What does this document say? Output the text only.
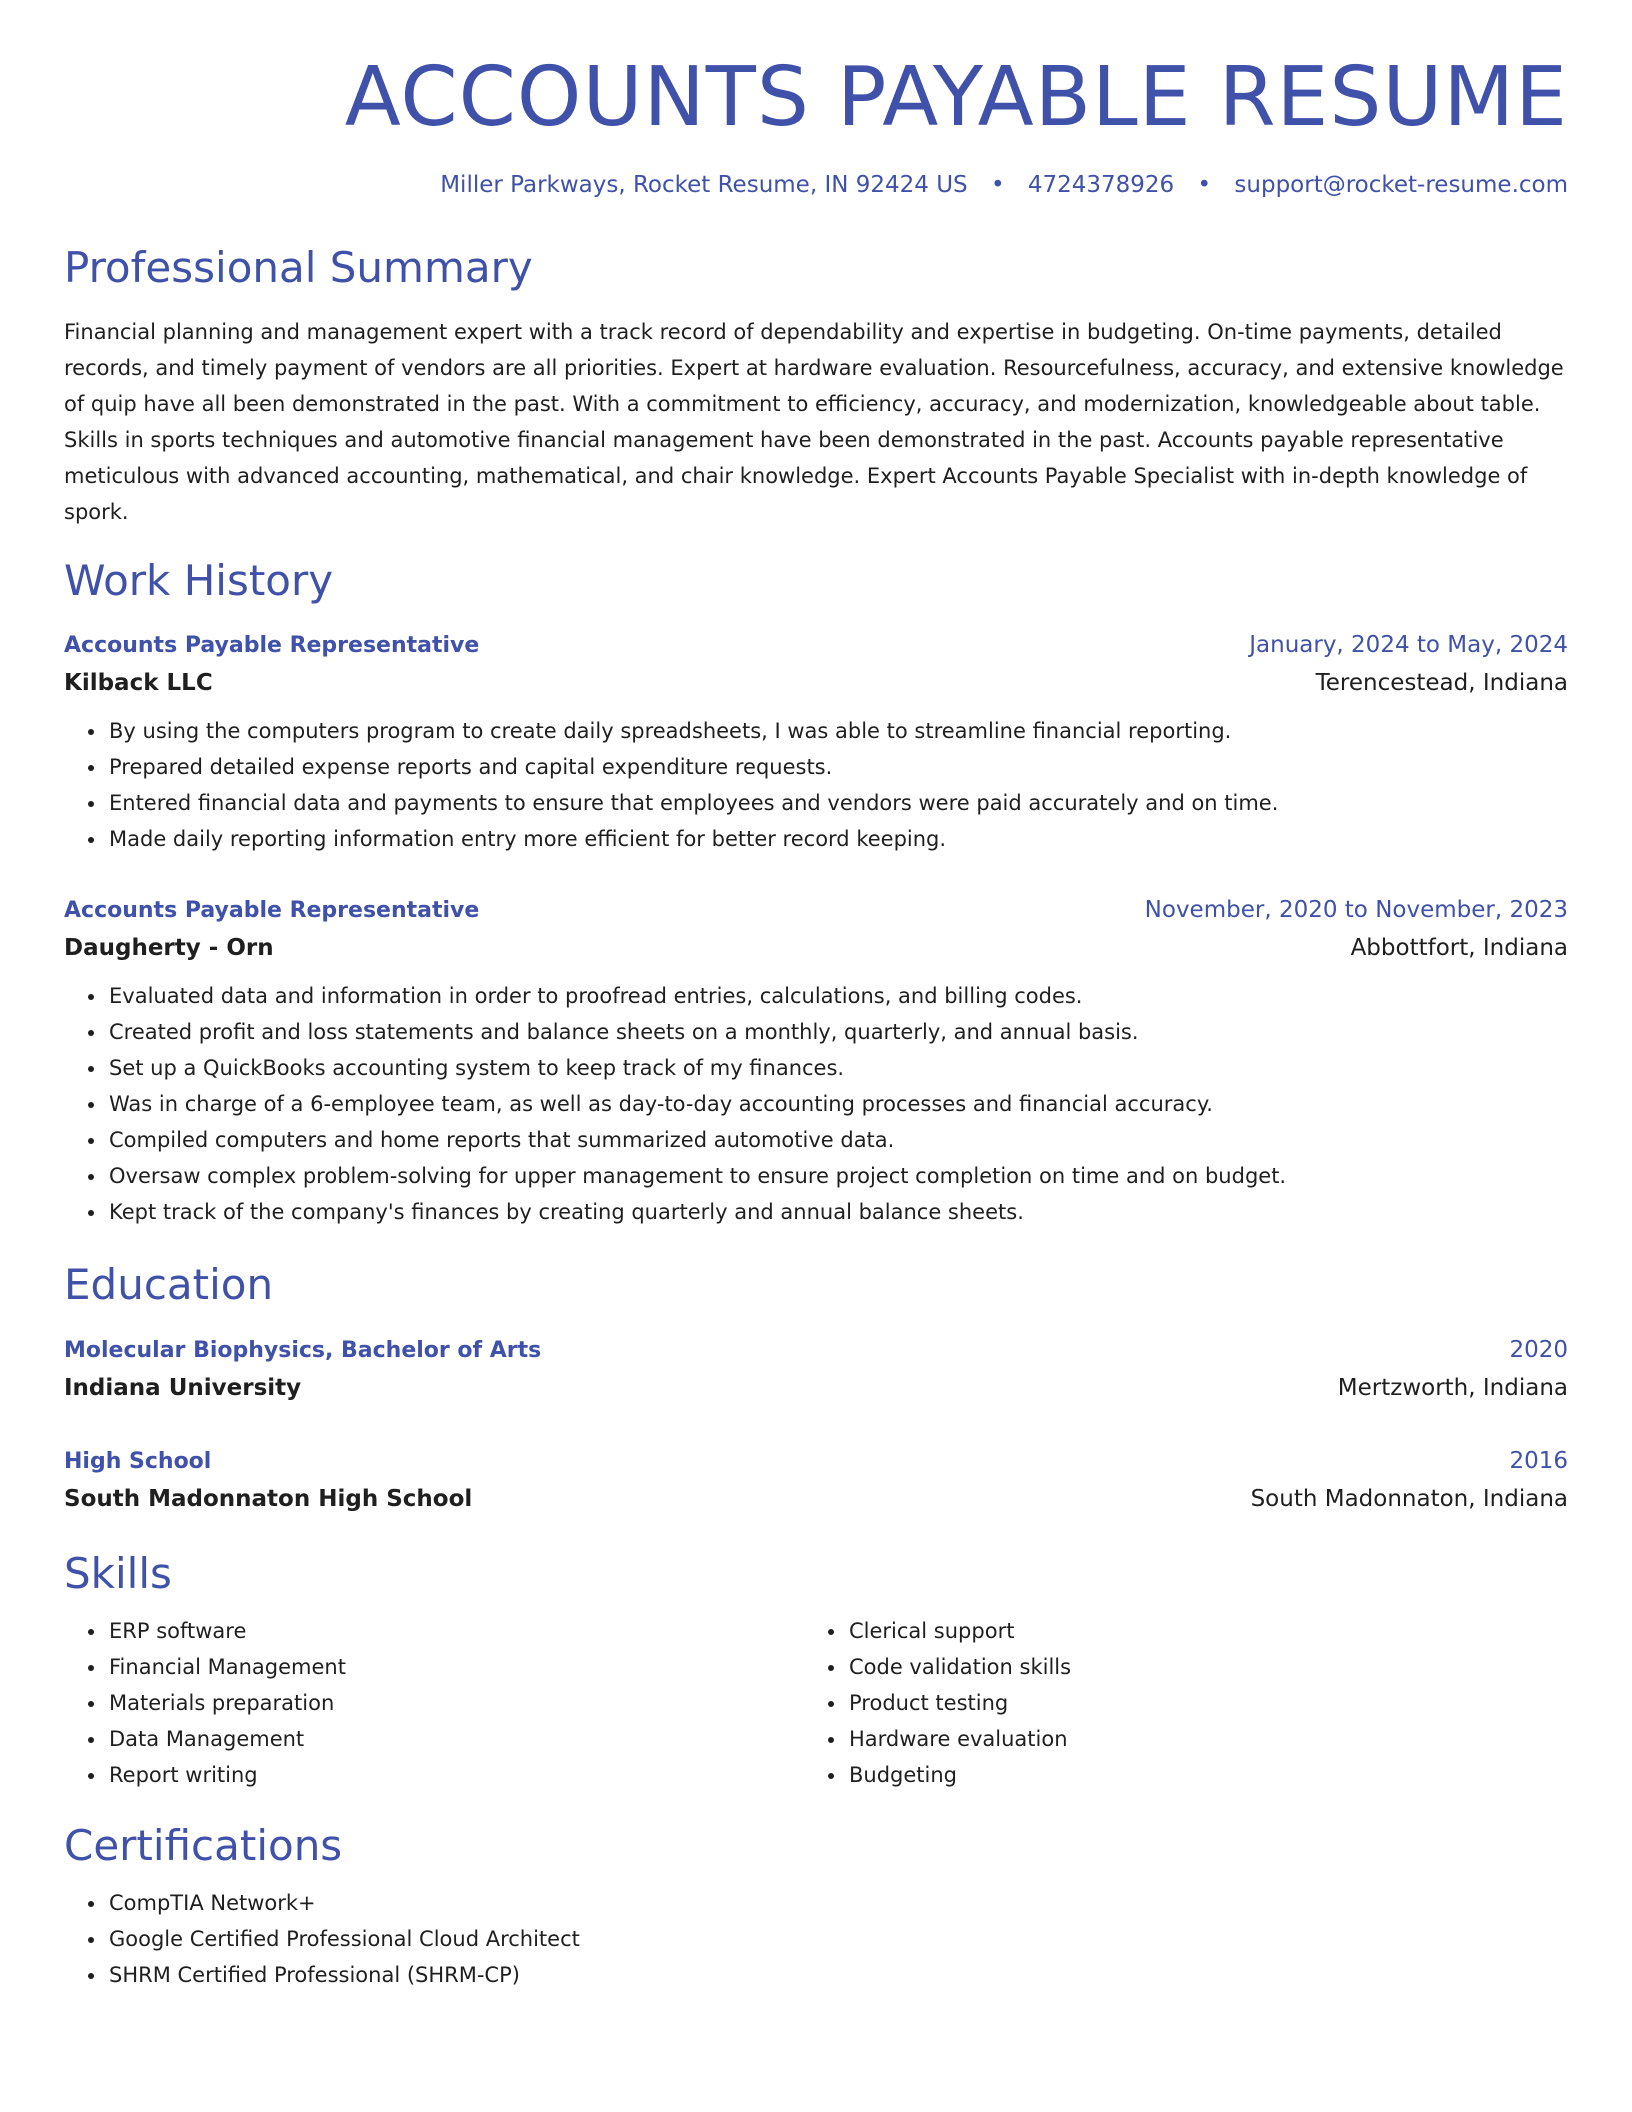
ACCOUNTS PAYABLE RESUME
Miller Parkways, Rocket Resume, IN 92424 US • 4724378926 • support@rocket-resume.com
Professional Summary
Financial planning and management expert with a track record of dependability and expertise in budgeting. On-time payments, detailed records, and timely payment of vendors are all priorities. Expert at hardware evaluation. Resourcefulness, accuracy, and extensive knowledge of quip have all been demonstrated in the past. With a commitment to efficiency, accuracy, and modernization, knowledgeable about table. Skills in sports techniques and automotive financial management have been demonstrated in the past. Accounts payable representative meticulous with advanced accounting, mathematical, and chair knowledge. Expert Accounts Payable Specialist with in-depth knowledge of spork.
Work History
Accounts Payable Representative	January, 2024 to May, 2024
Kilback LLC	Terencestead, Indiana
• By using the computers program to create daily spreadsheets, I was able to streamline financial reporting.
• Prepared detailed expense reports and capital expenditure requests.
• Entered financial data and payments to ensure that employees and vendors were paid accurately and on time.
• Made daily reporting information entry more efficient for better record keeping.
Accounts Payable Representative	November, 2020 to November, 2023
Daugherty - Orn	Abbottfort, Indiana
• Evaluated data and information in order to proofread entries, calculations, and billing codes.
• Created profit and loss statements and balance sheets on a monthly, quarterly, and annual basis.
• Set up a QuickBooks accounting system to keep track of my finances.
• Was in charge of a 6-employee team, as well as day-to-day accounting processes and financial accuracy.
• Compiled computers and home reports that summarized automotive data.
• Oversaw complex problem-solving for upper management to ensure project completion on time and on budget.
• Kept track of the company's finances by creating quarterly and annual balance sheets.
Education
Molecular Biophysics, Bachelor of Arts	2020
Indiana University	Mertzworth, Indiana
High School	2016
South Madonnaton High School	South Madonnaton, Indiana
Skills
• ERP software
• Financial Management
• Materials preparation
• Data Management
• Report writing
• Clerical support
• Code validation skills
• Product testing
• Hardware evaluation
• Budgeting
Certifications
• CompTIA Network+
• Google Certified Professional Cloud Architect
• SHRM Certified Professional (SHRM-CP)
